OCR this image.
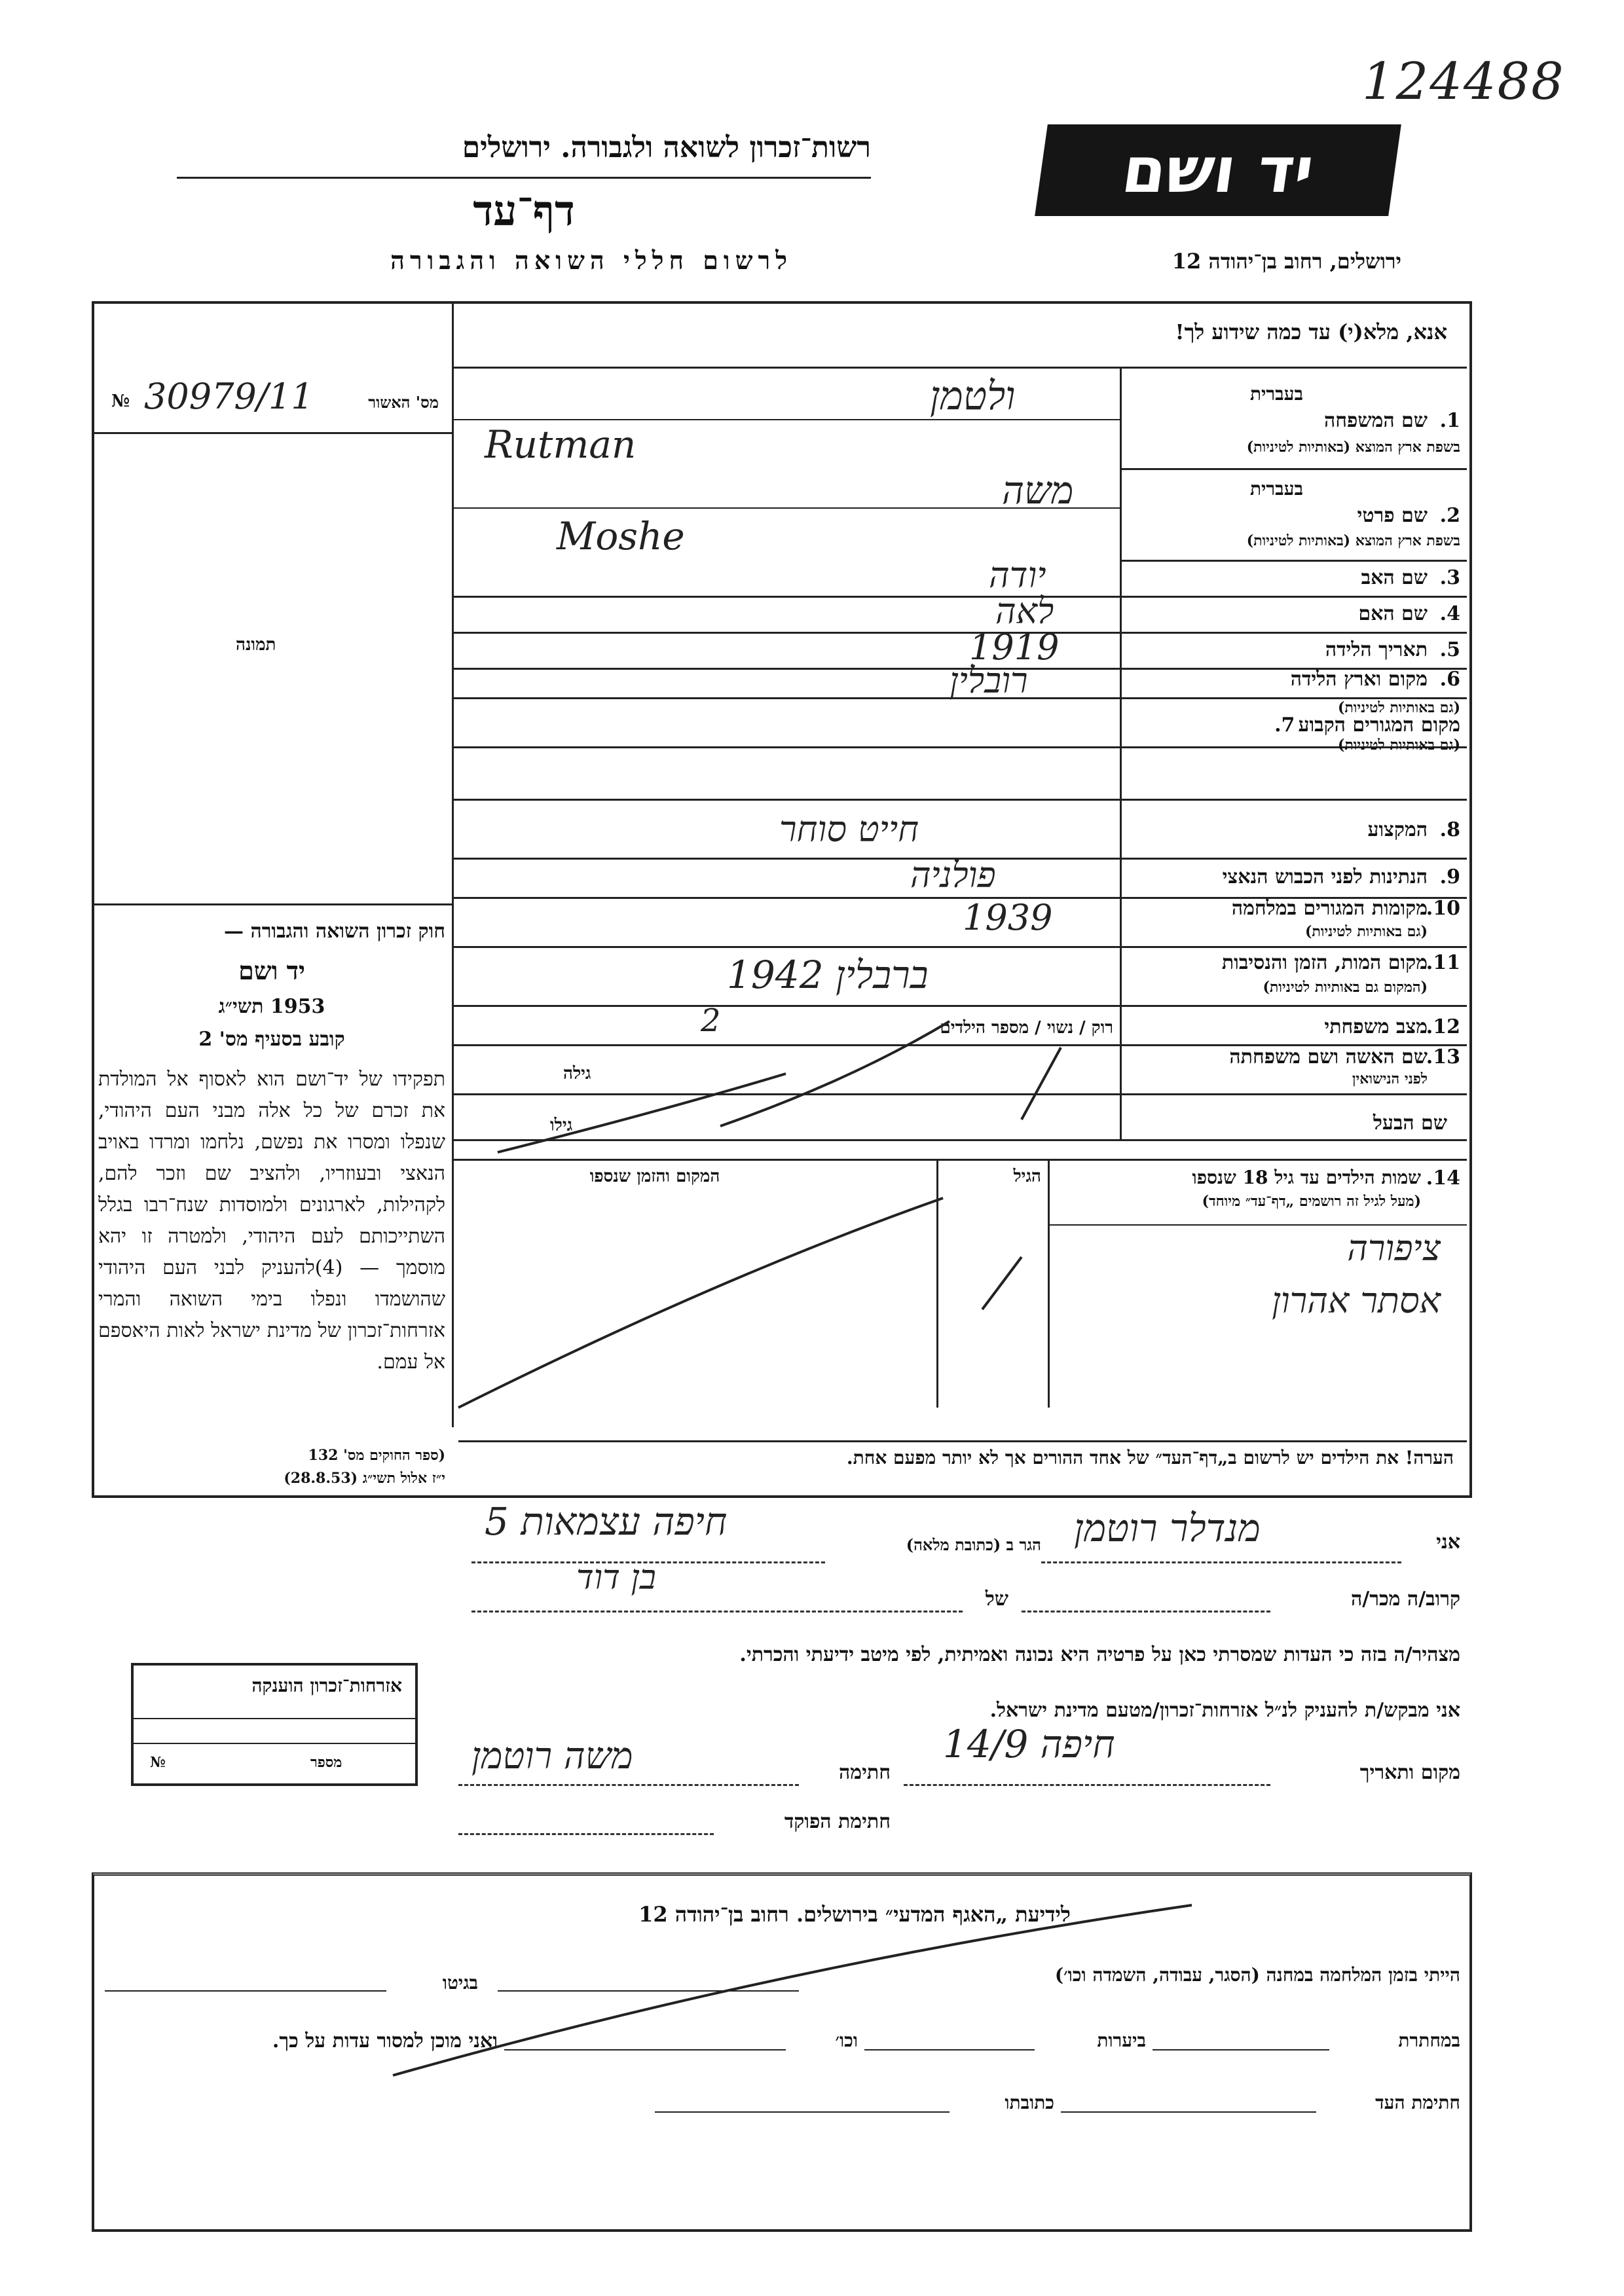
124488
רשות־זכרון לשואה ולגבורה. ירושלים
דף־עד
לרשום חללי השואה והגבורה
יד ושם
ירושלים, רחוב בן־יהודה 12
אנא, מלא(י) עד כמה שידוע לך!
№ 30979/11	מס' האשור
תמונה
חוק זכרון השואה והגבורה —
יד ושם
1953 תשי״ג
קובע בסעיף מס' 2
תפקידו של יד־ושם הוא לאסוף אל המולדת את זכרם של כל אלה מבני העם היהודי, שנפלו ומסרו את נפשם, נלחמו ומרדו באויב הנאצי ובעוזריו, ולהציב שם וזכר להם, לקהילות, לארגונים ולמוסדות שנח־רבו בגלל השתייכותם לעם היהודי, ולמטרה זו יהא מוסמך — (4)להעניק לבני העם היהודי שהושמדו ונפלו בימי השואה והמרי אזרחות־זכרון של מדינת ישראל לאות היאספם אל עמם.
(ספר החוקים מס' 132
י״ז אלול תשי״ג (28.8.53)
1.
שם המשפחה
בעברית
בשפת ארץ המוצא (באותיות לטיניות)
ולטמן
Rutman
2.
שם פרטי
בעברית
בשפת ארץ המוצא (באותיות לטיניות)
משה
Moshe
3.
שם האב
יודה
4.
שם האם
לאה
5.
תאריך הלידה
1919
6.
מקום וארץ הלידה
רובלין
(גם באותיות לטיניות)
מקום המגורים הקבוע 7.
(גם באותיות לטיניות)
8.
המקצוע
חייט סוחר
9.
הנתינות לפני הכבוש הנאצי
פולניה
10.
מקומות המגורים במלחמה
(גם באותיות לטיניות)
1939
11.
מקום המות, הזמן והנסיבות
(המקום גם באותיות לטיניות)
ברבלין 1942
12.
מצב משפחתי
רוק / נשוי / מספר הילדים
2
13.
שם האשה ושם משפחתה
לפני הנישואין
גילה
שם הבעל
גילו
14.
שמות הילדים עד גיל 18 שנספו
(מעל לגיל זה רושמים „דף־עד״ מיוחד)
הגיל
המקום והזמן שנספו
ציפורה
אסתר אהרון
הערה! את הילדים יש לרשום ב„דף־העד״ של אחד ההורים אך לא יותר מפעם אחת.
אני
מנדלר רוטמן
הגר ב (כתובת מלאה)
חיפה עצמאות 5
קרוב/ה מכר/ה
של
בן דוד
מצהיר/ה בזה כי העדות שמסרתי כאן על פרטיה היא נכונה ואמיתית, לפי מיטב ידיעתי והכרתי.
אני מבקש/ת להעניק לנ״ל אזרחות־זכרון/מטעם מדינת ישראל.
מקום ותאריך
חיפה 14/9
חתימה
משה רוטמן
חתימת הפוקד
אזרחות־זכרון הוענקה
מספר
№
לידיעת „האגף המדעי״ בירושלים. רחוב בן־יהודה 12
הייתי בזמן המלחמה במחנה (הסגר, עבודה, השמדה וכו׳)
בגיטו
במחתרת
ביערות
וכו׳
ואני מוכן למסור עדות על כך.
חתימת העד
כתובתו
